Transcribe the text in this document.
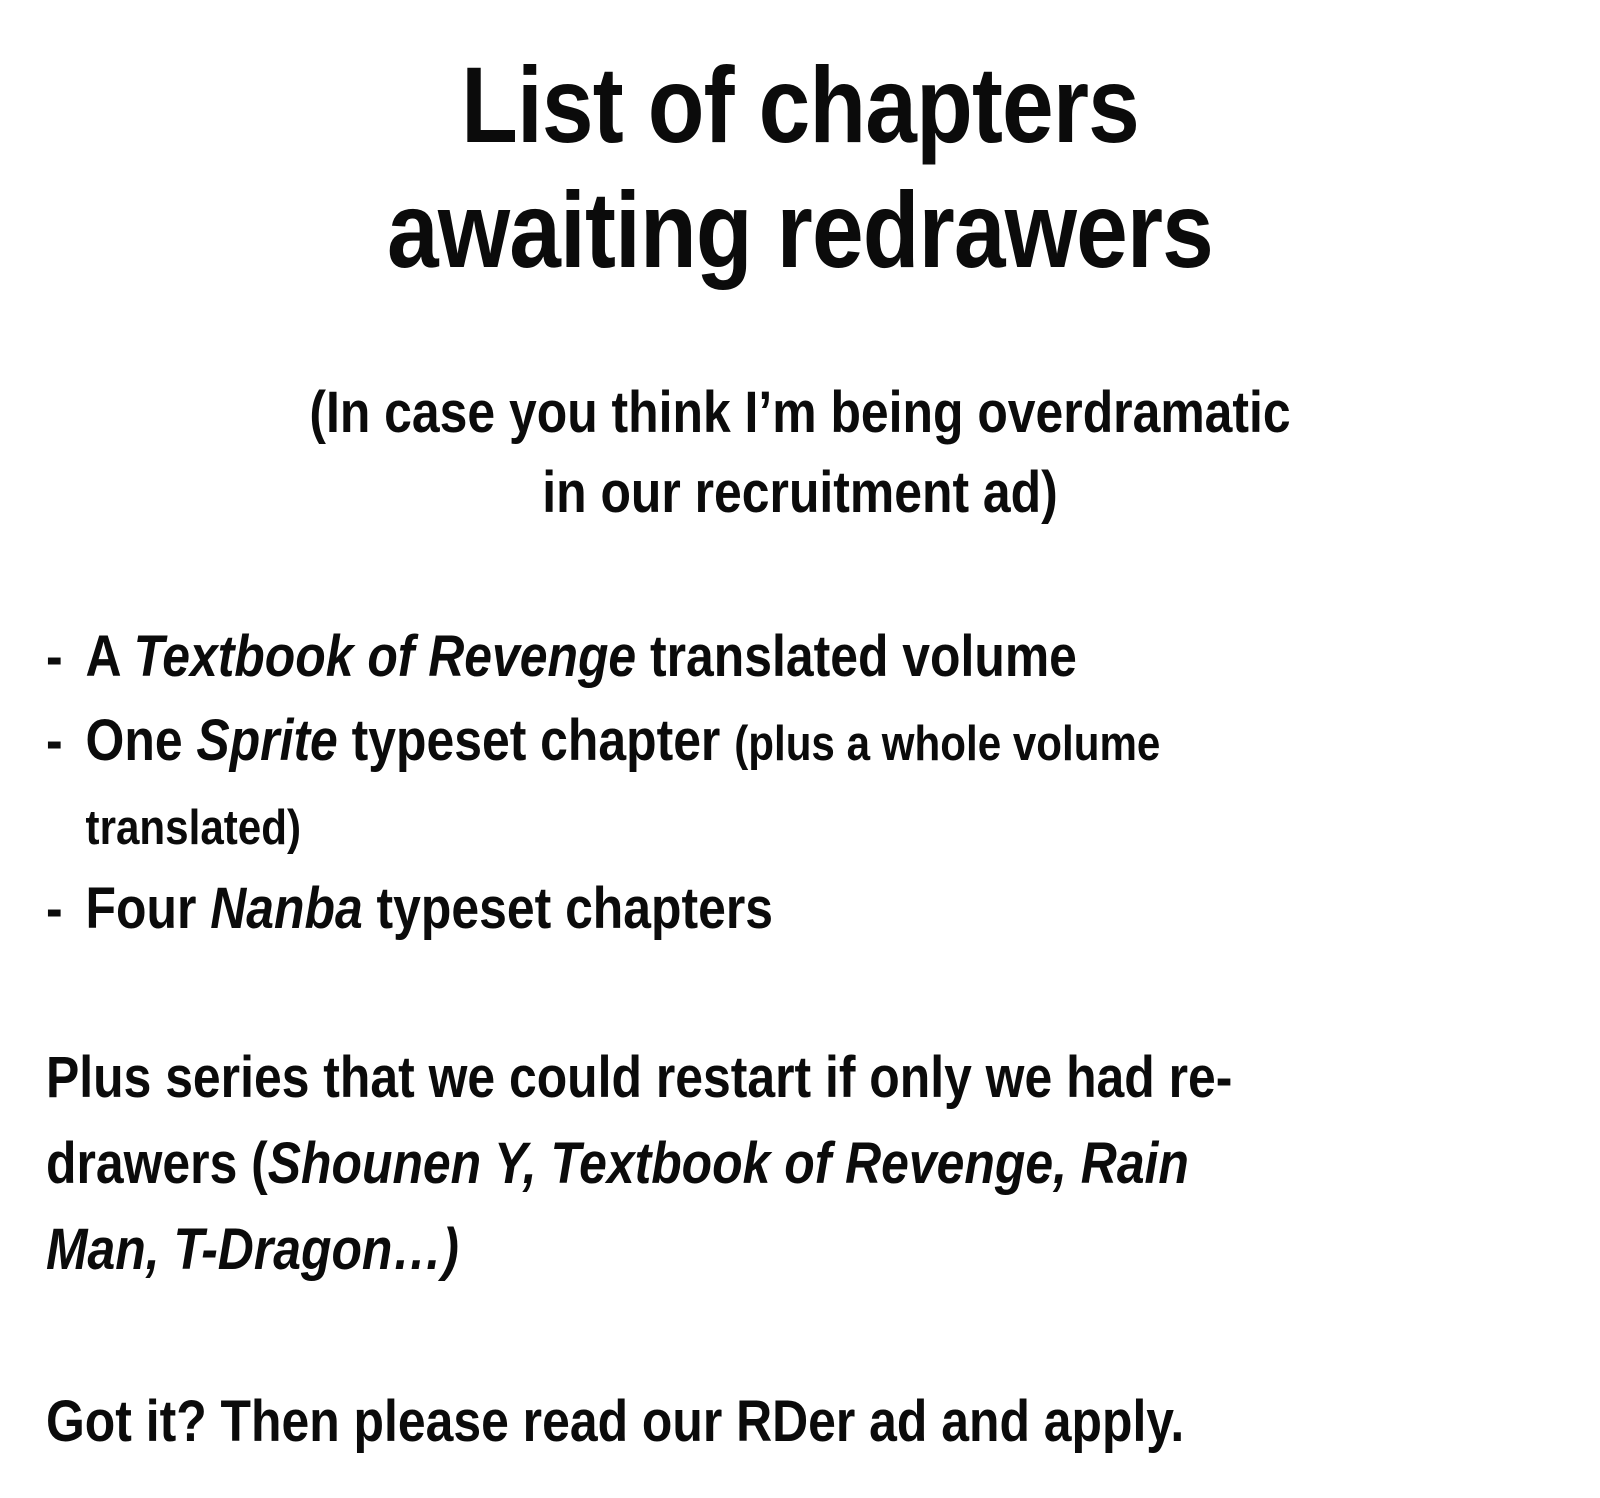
List of chapters
awaiting redrawers
(In case you think I’m being overdramatic
in our recruitment ad)
- A Textbook of Revenge translated volume
- One Sprite typeset chapter (plus a whole volume
translated)
- Four Nanba typeset chapters
Plus series that we could restart if only we had re-
drawers (Shounen Y, Textbook of Revenge, Rain
Man, T-Dragon…)
Got it? Then please read our RDer ad and apply.
